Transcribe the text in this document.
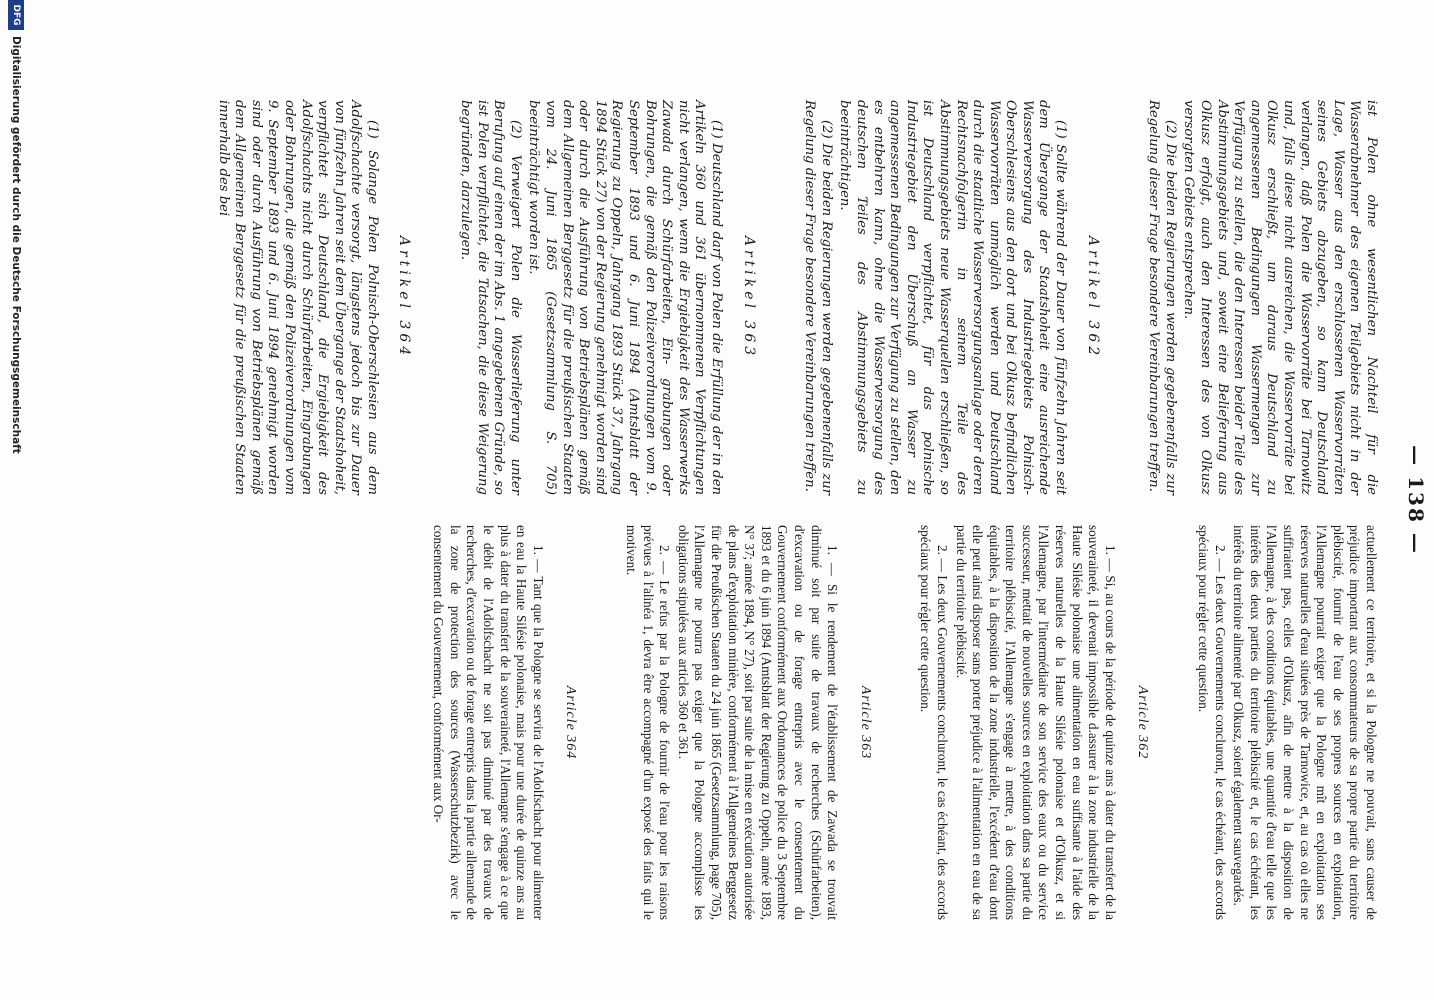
— 138 —

ist Polen ohne wesentlichen Nachteil für die Wasserabnehmer des eigenen Teilgebiets nicht in der Lage, Wasser aus den erschlossenen Wasservorräten seines Gebiets abzugeben, so kann Deutschland verlangen, daß Polen die Wasservorräte bei Tarnowitz und, falls diese nicht ausreichen, die Wasservorräte bei Olkusz erschließt, um daraus Deutschland zu angemessenen Bedingungen Wassermengen zur Verfügung zu stellen, die den Interessen beider Teile des Abstimmungsgebiets und, soweit eine Belieferung aus Olkusz erfolgt, auch den Interessen des von Olkusz versorgten Gebiets entsprechen.

(2) Die beiden Regierungen werden gegebenenfalls zur Regelung dieser Frage besondere Vereinbarungen treffen.

Artikel 362

(1) Sollte während der Dauer von fünfzehn Jahren seit dem Übergange der Staatshoheit eine ausreichende Wasserversorgung des Industriegebiets Polnisch-Oberschlesiens aus den dort und bei Olkusz befindlichen Wasservorräten unmöglich werden und Deutschland durch die staatliche Wasserversorgungsanlage oder deren Rechtsnachfolgerin in seinem Teile des Abstimmungsgebiets neue Wasserquellen erschließen, so ist Deutschland verpflichtet, für das polnische Industriegebiet den Überschuß an Wasser zu angemessenen Bedingungen zur Verfügung zu stellen, den es entbehren kann, ohne die Wasserversorgung des deutschen Teiles des Abstimmungsgebiets zu beeinträchtigen.

(2) Die beiden Regierungen werden gegebenenfalls zur Regelung dieser Frage besondere Vereinbarungen treffen.

Artikel 363

(1) Deutschland darf von Polen die Erfüllung der in den Artikeln 360 und 361 übernommenen Verpflichtungen nicht verlangen, wenn die Ergiebigkeit des Wasserwerks Zawada durch Schürfarbeiten, Ein- grabungen oder Bohrungen, die gemäß den Polizeiverordnungen vom 9. September 1893 und 6. Juni 1894 (Amtsblatt der Regierung zu Oppeln, Jahrgang 1893 Stück 37, Jahrgang 1894 Stück 27) von der Regierung genehmigt worden sind oder durch die Ausführung von Betriebsplänen gemäß dem Allgemeinen Berggesetz für die preußischen Staaten vom 24. Juni 1865 (Gesetzsammlung S. 705) beeinträchtigt worden ist.

(2) Verweigert Polen die Wasserlieferung unter Berufung auf einen der im Abs. 1 angegebenen Gründe, so ist Polen verpflichtet, die Tatsachen, die diese Weigerung begründen, darzulegen.

Artikel 364

(1) Solange Polen Polnisch-Oberschlesien aus dem Adolfschachte versorgt, längstens jedoch bis zur Dauer von fünfzehn Jahren seit dem Übergange der Staatshoheit, verpflichtet sich Deutschland, die Ergiebigkeit des Adolfschachts nicht durch Schürfarbeiten, Eingrabungen oder Bohrungen, die gemäß den Polizeiverordnungen vom 9. September 1893 und 6. Juni 1894 genehmigt worden sind oder durch Ausführung von Betriebsplänen gemäß dem Allgemeinen Berggesetz für die preußischen Staaten innerhalb des bei

actuellement ce territoire, et si la Pologne ne pouvait, sans causer de préjudice important aux consommateurs de sa propre partie du territoire plébiscité, fournir de l'eau de ses propres sources en exploitation, l'Allemagne pourrait exiger que la Pologne mît en exploitation ses réserves naturelles d'eau situées près de Tarnowice, et, au cas où elles ne suffiraient pas, celles d'Olkusz, afin de mettre à la disposition de l'Allemagne, à des conditions équitables, une quantité d'eau telle que les intérêts des deux parties du territoire plébiscité et, le cas échéant, les intérêts du territoire alimenté par Olkusz, soient également sauvegardés.

2. — Les deux Gouvernements concluront, le cas échéant, des accords spéciaux pour régler cette question.

Article 362

1. — Si, au cours de la période de quinze ans à dater du transfert de la souveraineté, il devenait impossible d.assurer à la zone industrielle de la Haute Silésie polonaise une alimentation en eau suffisante à l'aide des réserves naturelles de la Haute Silésie polonaise et d'Olkusz, et si l'Allemagne, par l'intermédiaire de son service des eaux ou du service successeur, mettait de nouvelles sources en exploitation dans sa partie du territoire plébiscité, l'Allemagne s'engage à mettre, à des conditions équitables, à la disposition de la zone industrielle, l'excédent d'eau dont elle peut ainsi disposer sans porter préjudice à l'alimentation en eau de sa partie du territoire plébiscité.

2. — Les deux Gouvernements concluront, le cas échéant, des accords spéciaux pour régler cette question.

Article 363

1. — Si le rendement de l'établissement de Zawada se trouvait diminué soit par suite de travaux de recherches (Schürfarbeiten), d'excavation ou de forage entrepris avec le consentement du Gouvernement conformément aux Ordonnances de police du 3 Septembre 1893 et du 6 juin 1894 (Amtsblatt der Regierung zu Oppeln, année 1893, N° 37; année 1894, N° 27), soit par suite de la mise en exécution autorisée de plans d'exploitation minière, conformément à l'Allgemeines Berggesetz für die Preußischen Staaten du 24 juin 1865 (Gesetzsammlung, page 705), l'Allemagne ne pourra pas exiger que la Pologne accomplisse les obligations stipulées aux articles 360 et 361.

2. — Le refus par la Pologne de fournir de l'eau pour les raisons prévues à l'alinéa 1, devra être accompagné d'un exposé des faits qui le motivent.

Article 364

1. — Tant que la Pologne se servira de l'Adolfschacht pour alimenter en eau la Haute Silésie polonaise, mais pour une durée de quinze ans au plus à dater du transfert de la souveraineté, l'Allemagne s'engage à ce que le débit de l'Adolfschacht ne soit pas diminué par des travaux de recherches, d'excavation ou de forage entrepris dans la partie allemande de la zone de protection des sources (Wasserschutzbezirk) avec le consentement du Gouvernement, conformément aux Or-

DFG
Digitalisierung gefördert durch die Deutsche Forschungsgemeinschaft
